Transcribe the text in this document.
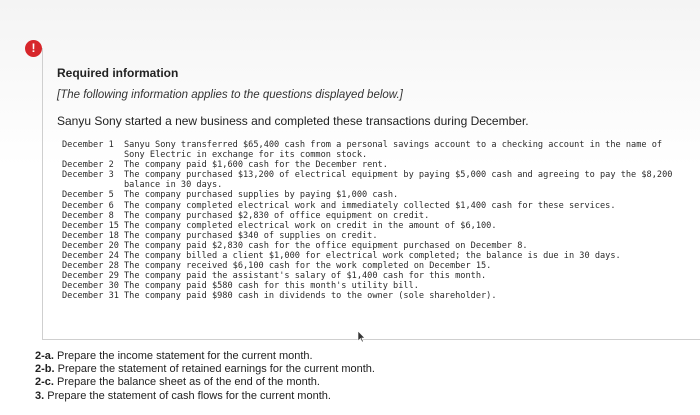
!
Required information
[The following information applies to the questions displayed below.]
Sanyu Sony started a new business and completed these transactions during December.
December 1	Sanyu Sony transferred $65,400 cash from a personal savings account to a checking account in the name of Sony Electric in exchange for its common stock.
December 2	The company paid $1,600 cash for the December rent.
December 3	The company purchased $13,200 of electrical equipment by paying $5,000 cash and agreeing to pay the $8,200 balance in 30 days.
December 5	The company purchased supplies by paying $1,000 cash.
December 6	The company completed electrical work and immediately collected $1,400 cash for these services.
December 8	The company purchased $2,830 of office equipment on credit.
December 15 The company completed electrical work on credit in the amount of $6,100.
December 18 The company purchased $340 of supplies on credit.
December 20 The company paid $2,830 cash for the office equipment purchased on December 8.
December 24 The company billed a client $1,000 for electrical work completed; the balance is due in 30 days.
December 28 The company received $6,100 cash for the work completed on December 15.
December 29 The company paid the assistant's salary of $1,400 cash for this month.
December 30 The company paid $580 cash for this month's utility bill.
December 31 The company paid $980 cash in dividends to the owner (sole shareholder).
2-a. Prepare the income statement for the current month.
2-b. Prepare the statement of retained earnings for the current month.
2-c. Prepare the balance sheet as of the end of the month.
3. Prepare the statement of cash flows for the current month.
